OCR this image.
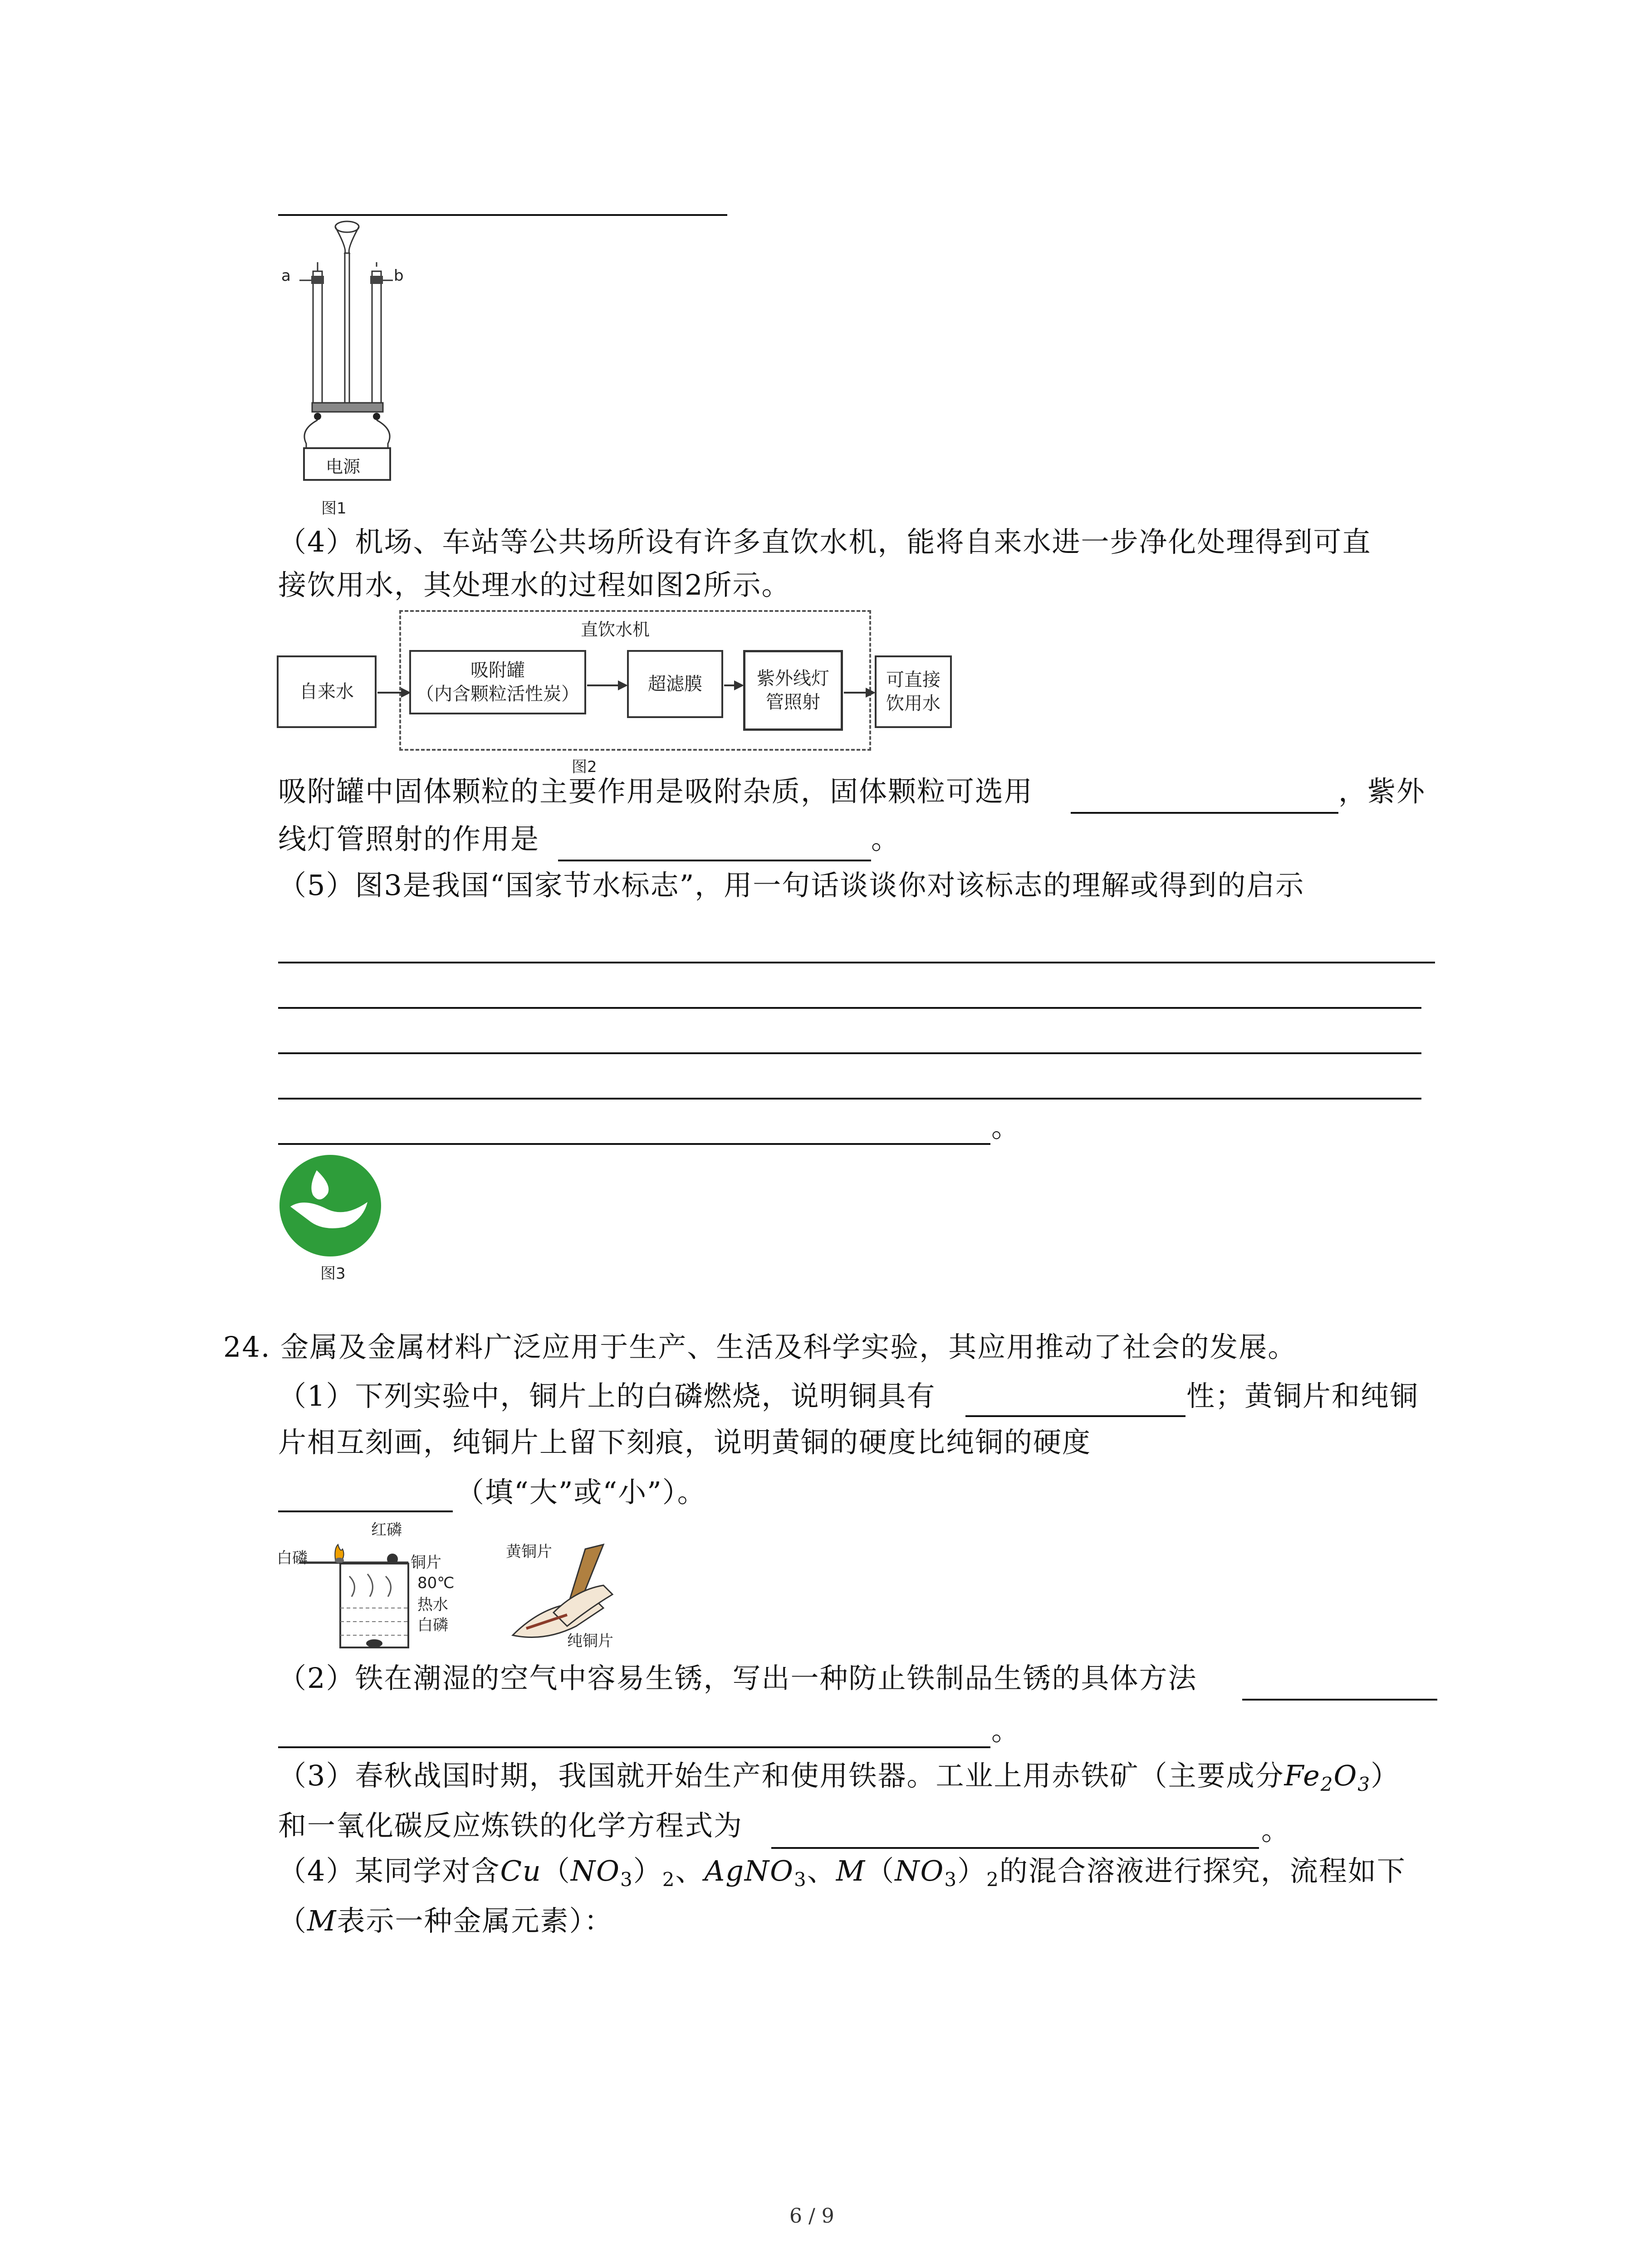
a	b
电源
图1
（4）机场、车站等公共场所设有许多直饮水机，能将自来水进一步净化处理得到可直
接饮用水，其处理水的过程如图2所示。
直饮水机
自来水
吸附罐
（内含颗粒活性炭）	超滤膜	紫外线灯
管照射
可直接
饮用水
图2
吸附罐中固体颗粒的主要作用是吸附杂质，固体颗粒可选用	，紫外
线灯管照射的作用是	。
（5）图3是我国“国家节水标志”，用一句话谈谈你对该标志的理解或得到的启示
。
图3
24. 金属及金属材料广泛应用于生产、生活及科学实验，其应用推动了社会的发展。
（1）下列实验中，铜片上的白磷燃烧，说明铜具有	性；黄铜片和纯铜
片相互刻画，纯铜片上留下刻痕，说明黄铜的硬度比纯铜的硬度
（填“大”或“小”）。
红磷
白磷	铜片
80℃
热水
白磷
黄铜片
纯铜片
（2）铁在潮湿的空气中容易生锈，写出一种防止铁制品生锈的具体方法
。
（3）春秋战国时期，我国就开始生产和使用铁器。工业上用赤铁矿（主要成分$Fe_2O_3$）
和一氧化碳反应炼铁的化学方程式为	。
（4）某同学对含$Cu(NO_3)_2$、AgNO$_3$、$M(NO_3)_2$的混合溶液进行探究，流程如下
（M表示一种金属元素）：
6 / 9
